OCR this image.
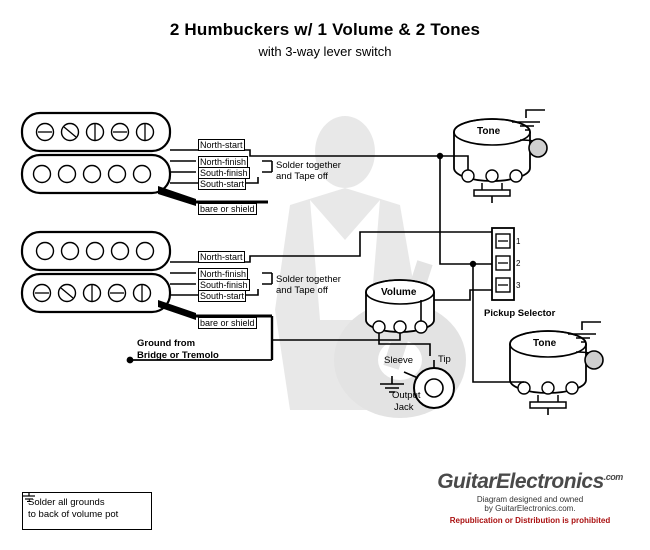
2 Humbuckers w/ 1 Volume & 2 Tones
with 3-way lever switch
North-start
North-finish
South-finish
South-start
bare or shield
Solder together
and Tape off
North-start
North-finish
South-finish
South-start
bare or shield
Solder together
and Tape off
Ground from
Bridge or Tremolo
Tone
Volume
Tone
Pickup Selector
1
2
3
Sleeve	Tip
Output
Jack
Solder all grounds

to back of volume pot
GuitarElectronics$^{.com}$
Diagram designed and owned
by GuitarElectronics.com.
Republication or Distribution is prohibited
